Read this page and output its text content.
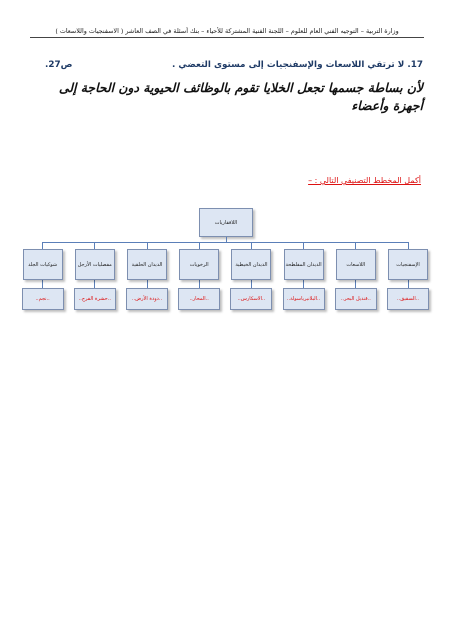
وزارة التربية – التوجيه الفني العام للعلوم – اللجنة الفنية المشتركة للأحياء – بنك أسئلة في الصف العاشر ( الاسفنجيات واللاسعات )
17. لا ترتقي اللاسعات والإسفنجيات إلى مستوى التعضي .
ص27.
لأن بساطة جسمها تجعل الخلايا تقوم بالوظائف الحيوية دون الحاجة إلى أجهزة وأعضاء
أكمل المخطط التصنيفي التالي : –
اللافقاريات
الإسفنجيات
..السقيق..
اللاسعات
..قنديل البحر..
الديدان المفلطحة
..البلانيرياسولة..
الديدان الخيطية
..الاسكارس..
الرخويات
..المحار..
الديدان الحلقية
..دودة الأرض..
مفصليات الأرجل
..حشرة الفرج..
شوكيات الجلد
..نجم..
